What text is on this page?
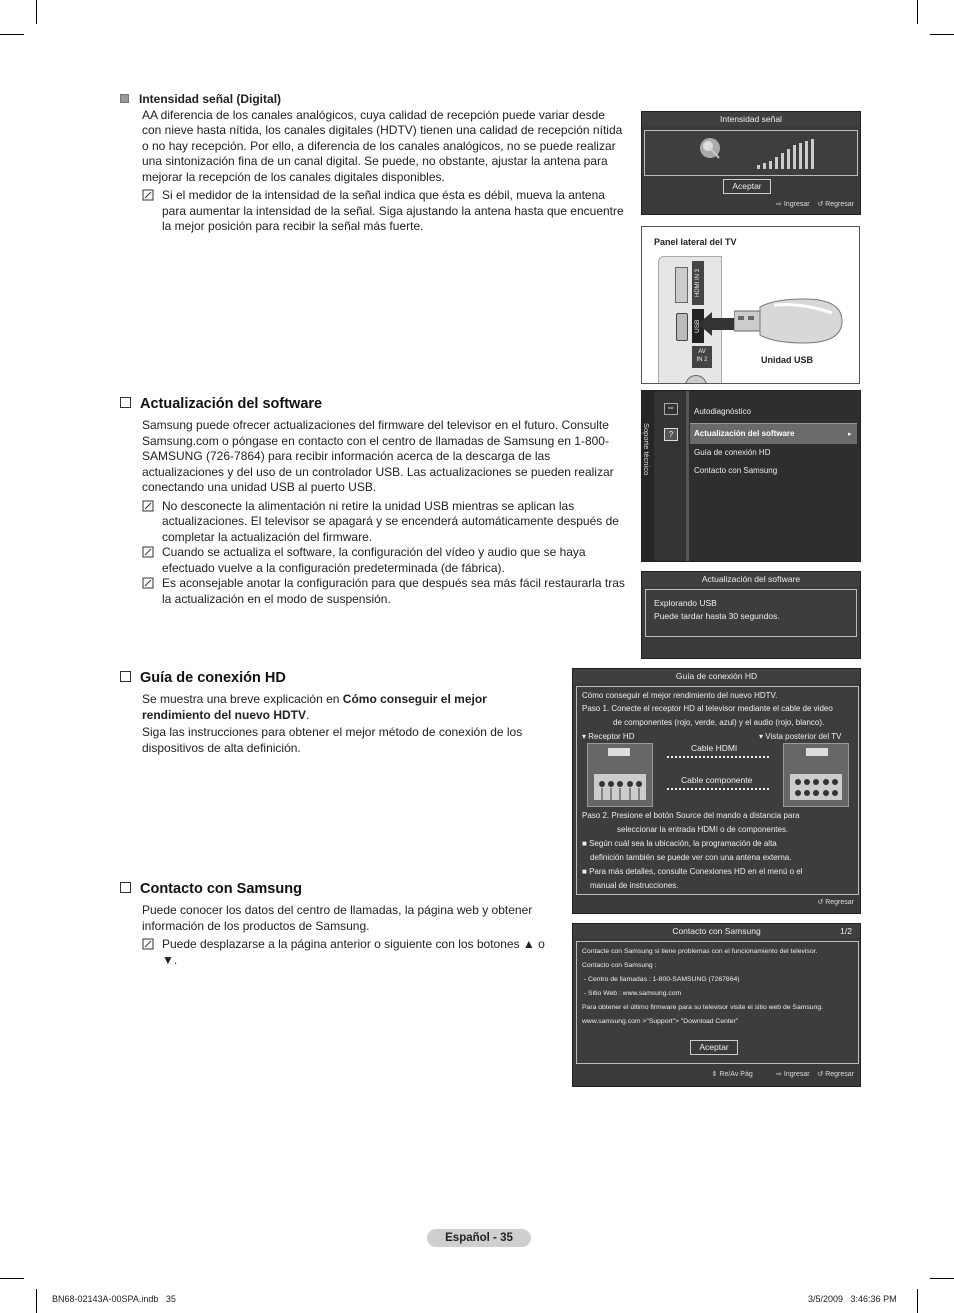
Intensidad señal (Digital)
AA diferencia de los canales analógicos, cuya calidad de recepción puede variar desde con nieve hasta nítida, los canales digitales (HDTV) tienen una calidad de recepción nítida o no hay recepción. Por ello, a diferencia de los canales analógicos, no se puede realizar una sintonización fina de un canal digital. Se puede, no obstante, ajustar la antena para mejorar la recepción de los canales digitales disponibles.
Si el medidor de la intensidad de la señal indica que ésta es débil, mueva la antena para aumentar la intensidad de la señal. Siga ajustando la antena hasta que encuentre la mejor posición para recibir la señal más fuerte.
Intensidad señal
Aceptar
⇨ Ingresar ↺ Regresar
Panel lateral del TV
HDMI IN 3
USB
AV
IN 2	Unidad USB
Actualización del software
Samsung puede ofrecer actualizaciones del firmware del televisor en el futuro. Consulte Samsung.com o póngase en contacto con el centro de llamadas de Samsung en 1-800-SAMSUNG (726-7864) para recibir información acerca de la descarga de las actualizaciones y del uso de un controlador USB. Las actualizaciones se pueden realizar conectando una unidad USB al puerto USB.
No desconecte la alimentación ni retire la unidad USB mientras se aplican las actualizaciones. El televisor se apagará y se encenderá automáticamente después de completar la actualización del firmware.
Cuando se actualiza el software, la configuración del vídeo y audio que se haya efectuado vuelve a la configuración predeterminada (de fábrica).
Es aconsejable anotar la configuración para que después sea más fácil restaurarla tras la actualización en el modo de suspensión.
Soporte técnico
⇨
?
Autodiagnóstico
Actualización del software	▸
Guía de conexión HD
Contacto con Samsung
Actualización del software
Explorando USB
Puede tardar hasta 30 segundos.
Guía de conexión HD
Se muestra una breve explicación en Cómo conseguir el mejor rendimiento del nuevo HDTV.
Siga las instrucciones para obtener el mejor método de conexión de los dispositivos de alta definición.
Guía de conexión HD
Cómo conseguir el mejor rendimiento del nuevo HDTV.
Paso 1. Conecte el receptor HD al televisor mediante el cable de video
de componentes (rojo, verde, azul) y el audio (rojo, blanco).
▾ Receptor HD	▾ Vista posterior del TV
Cable HDMI
Cable componente
Paso 2. Presione el botón Source del mando a distancia para
seleccionar la entrada HDMI o de componentes.
■ Según cuál sea la ubicación, la programación de alta
definición también se puede ver con una antena externa.
■ Para más detalles, consulte Conexiones HD en el menú o el
manual de instrucciones.
↺ Regresar
Contacto con Samsung
Puede conocer los datos del centro de llamadas, la página web y obtener información de los productos de Samsung.
Puede desplazarse a la página anterior o siguiente con los botones ▲ o ▼.
Contacto con Samsung	1/2
Contacte con Samsung si tiene problemas con el funcionamiento del televisor.
Contacto con Samsung :
- Centro de llamadas : 1-800-SAMSUNG (7267864)
- Sitio Web : www.samsung.com
Para obtener el último firmware para su televisor visite el sitio web de Samsung.
www.samsung.com >"Support"> "Download Center"
Aceptar
⇕ Re/Av Pág	⇨ Ingresar ↺ Regresar
Español - 35
BN68-02143A-00SPA.indb   35	3/5/2009   3:46:36 PM
